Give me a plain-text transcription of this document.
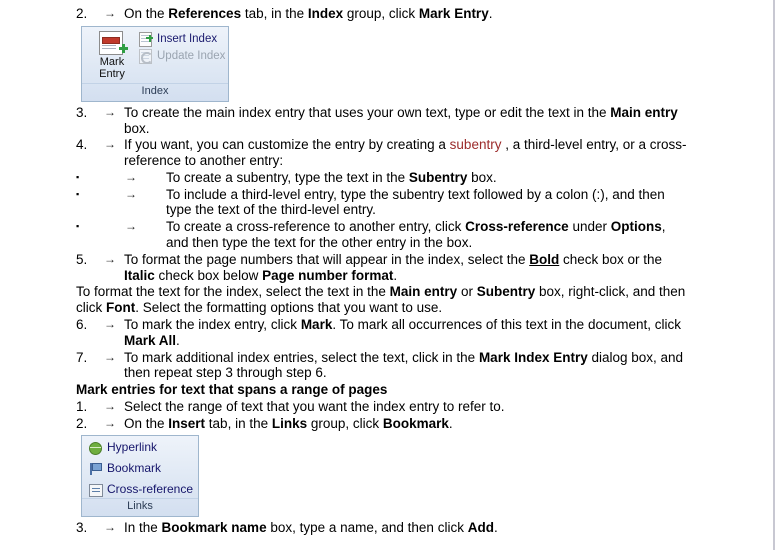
2.	→ On the References tab, in the Index group, click Mark Entry.
Mark
Entry
Insert Index
Update Index
Index
3.	→ To create the main index entry that uses your own text, type or edit the text in the Main entry box.
4.	→ If you want, you can customize the entry by creating a subentry , a third-level entry, or a cross-reference to another entry:
▪	→	To create a subentry, type the text in the Subentry box.
▪	→	To include a third-level entry, type the subentry text followed by a colon (:), and then type the text of the third-level entry.
▪	→	To create a cross-reference to another entry, click Cross-reference under Options, and then type the text for the other entry in the box.
5.	→ To format the page numbers that will appear in the index, select the Bold check box or the Italic check box below Page number format.
To format the text for the index, select the text in the Main entry or Subentry box, right-click, and then click Font. Select the formatting options that you want to use.
6.	→ To mark the index entry, click Mark. To mark all occurrences of this text in the document, click Mark All.
7.	→ To mark additional index entries, select the text, click in the Mark Index Entry dialog box, and then repeat step 3 through step 6.
Mark entries for text that spans a range of pages
1.	→ Select the range of text that you want the index entry to refer to.
2.	→ On the Insert tab, in the Links group, click Bookmark.
Hyperlink
Bookmark
Cross-reference
Links
3.	→ In the Bookmark name box, type a name, and then click Add.
